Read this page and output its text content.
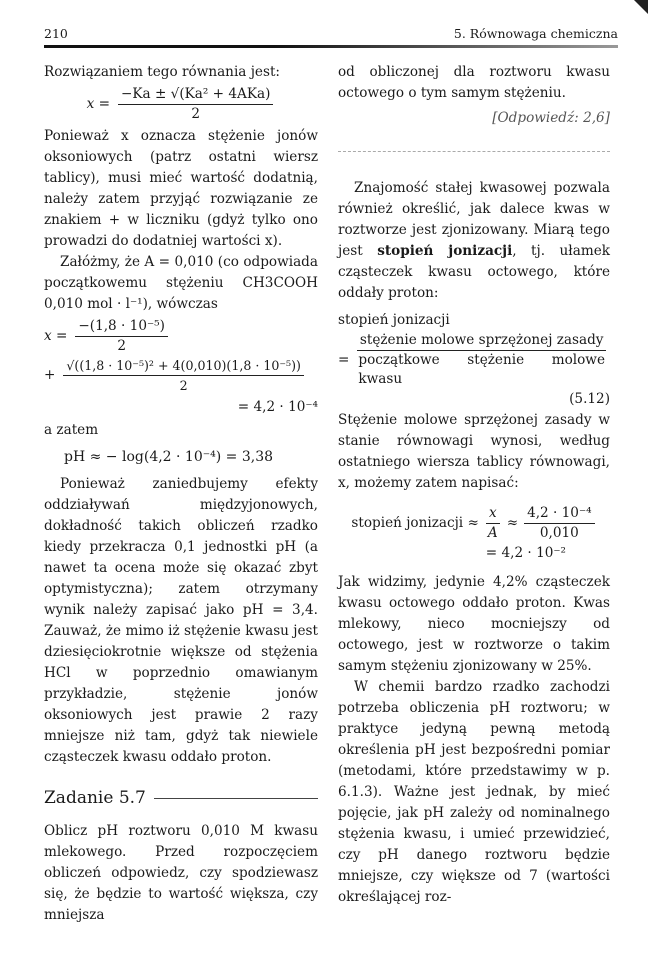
210	5. Równowaga chemiczna

Rozwiązaniem tego równania jest:

$x = \frac{\text{−Ka ± √(Ka² + 4AKa)}}{2}$

Ponieważ x oznacza stężenie jonów oksoniowych (patrz ostatni wiersz tablicy), musi mieć wartość dodatnią, należy zatem przyjąć rozwiązanie ze znakiem + w liczniku (gdyż tylko ono prowadzi do dodatniej wartości x).

Załóżmy, że A = 0,010 (co odpowiada początkowemu stężeniu CH3COOH 0,010 mol · l⁻¹), wówczas

$x = \frac{\text{−(1,8 · 10⁻⁵)}}{2}$
+ $\frac{\text{√((1,8 · 10⁻⁵)² + 4(0,010)(1,8 · 10⁻⁵))}}{2}$
= 4,2 · 10⁻⁴

a zatem

pH ≈ − log(4,2 · 10⁻⁴) = 3,38

Ponieważ zaniedbujemy efekty oddziaływań międzyjonowych, dokładność takich obliczeń rzadko kiedy przekracza 0,1 jednostki pH (a nawet ta ocena może się okazać zbyt optymistyczna); zatem otrzymany wynik należy zapisać jako pH = 3,4. Zauważ, że mimo iż stężenie kwasu jest dziesięciokrotnie większe od stężenia HCl w poprzednio omawianym przykładzie, stężenie jonów oksoniowych jest prawie 2 razy mniejsze niż tam, gdyż tak niewiele cząsteczek kwasu oddało proton.

Zadanie 5.7

Oblicz pH roztworu 0,010 M kwasu mlekowego. Przed rozpoczęciem obliczeń odpowiedz, czy spodziewasz się, że będzie to wartość większa, czy mniejsza

od obliczonej dla roztworu kwasu octowego o tym samym stężeniu.

[Odpowiedź: 2,6]

Znajomość stałej kwasowej pozwala również określić, jak dalece kwas w roztworze jest zjonizowany. Miarą tego jest stopień jonizacji, tj. ułamek cząsteczek kwasu octowego, które oddały proton:

stopień jonizacji
= $\frac{\text{stężenie molowe sprzężonej zasady}}{\text{początkowe stężenie molowe kwasu}}$
(5.12)

Stężenie molowe sprzężonej zasady w stanie równowagi wynosi, według ostatniego wiersza tablicy równowagi, x, możemy zatem napisać:

stopień jonizacji ≈ $\frac{x}{A} \approx \frac{\text{4,2 · 10⁻⁴}}{0,010}$
= 4,2 · 10⁻²

Jak widzimy, jedynie 4,2% cząsteczek kwasu octowego oddało proton. Kwas mlekowy, nieco mocniejszy od octowego, jest w roztworze o takim samym stężeniu zjonizowany w 25%.

W chemii bardzo rzadko zachodzi potrzeba obliczenia pH roztworu; w praktyce jedyną pewną metodą określenia pH jest bezpośredni pomiar (metodami, które przedstawimy w p. 6.1.3). Ważne jest jednak, by mieć pojęcie, jak pH zależy od nominalnego stężenia kwasu, i umieć przewidzieć, czy pH danego roztworu będzie mniejsze, czy większe od 7 (wartości określającej roz-
